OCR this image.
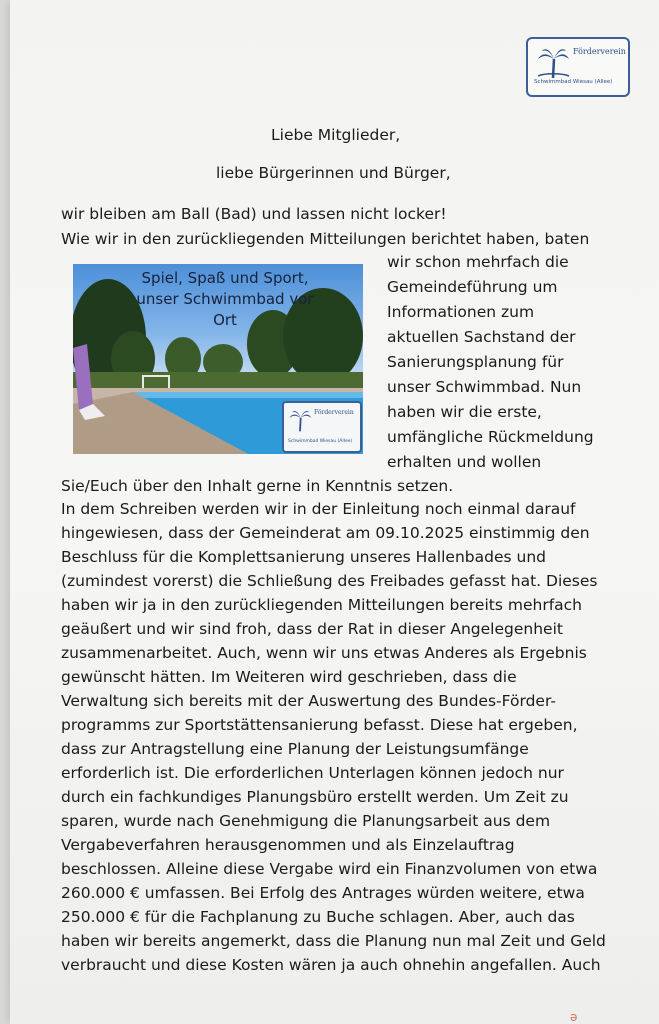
Förderverein
Schwimmbad Wiesau (Allee)
Liebe Mitglieder,
liebe Bürgerinnen und Bürger,
Spiel, Spaß und Sport,
unser Schwimmbad vor
Ort
Förderverein
Schwimmbad Wiesau (Allee)
wir bleiben am Ball (Bad) und lassen nicht locker!
Wie wir in den zurückliegenden Mitteilungen berichtet haben, baten
wir schon mehrfach die
Gemeindeführung um
Informationen zum
aktuellen Sachstand der
Sanierungsplanung für
unser Schwimmbad. Nun
haben wir die erste,
umfängliche Rückmeldung
erhalten und wollen
Sie/Euch über den Inhalt gerne in Kenntnis setzen.
In dem Schreiben werden wir in der Einleitung noch einmal darauf
hingewiesen, dass der Gemeinderat am 09.10.2025 einstimmig den
Beschluss für die Komplettsanierung unseres Hallenbades und
(zumindest vorerst) die Schließung des Freibades gefasst hat. Dieses
haben wir ja in den zurückliegenden Mitteilungen bereits mehrfach
geäußert und wir sind froh, dass der Rat in dieser Angelegenheit
zusammenarbeitet. Auch, wenn wir uns etwas Anderes als Ergebnis
gewünscht hätten. Im Weiteren wird geschrieben, dass die
Verwaltung sich bereits mit der Auswertung des Bundes-Förder-
programms zur Sportstättensanierung befasst. Diese hat ergeben,
dass zur Antragstellung eine Planung der Leistungsumfänge
erforderlich ist. Die erforderlichen Unterlagen können jedoch nur
durch ein fachkundiges Planungsbüro erstellt werden. Um Zeit zu
sparen, wurde nach Genehmigung die Planungsarbeit aus dem
Vergabeverfahren herausgenommen und als Einzelauftrag
beschlossen. Alleine diese Vergabe wird ein Finanzvolumen von etwa
260.000 € umfassen. Bei Erfolg des Antrages würden weitere, etwa
250.000 € für die Fachplanung zu Buche schlagen. Aber, auch das
haben wir bereits angemerkt, dass die Planung nun mal Zeit und Geld
verbraucht und diese Kosten wären ja auch ohnehin angefallen. Auch
ə
